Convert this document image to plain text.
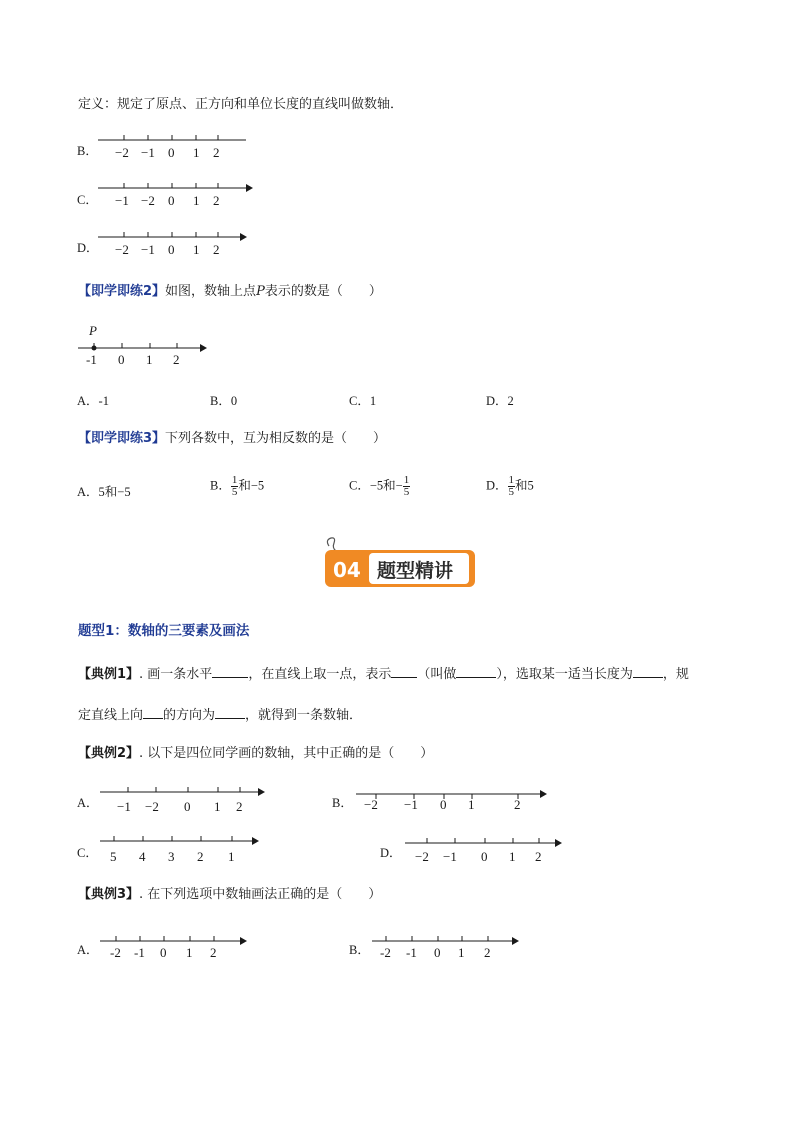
定义：规定了原点、正方向和单位长度的直线叫做数轴．
B． −2 −1 0 1 2
C． −1 −2 0 1 2
D． −2 −1 0 1 2
【即学即练2】如图，数轴上点P表示的数是（　　）
P
-1 0 1 2
A．-1	B．0	C．1	D．2
【即学即练3】下列各数中，互为相反数的是（　　）
A．5和−5	B． $\frac{1}{5}$ 和−5	C．−5和− $\frac{1}{5}$	D． $\frac{1}{5}$ 和5
04 题型精讲
题型1：数轴的三要素及画法
【典例1】. 画一条水平	，在直线上取一点，表示 （叫做	），选取某一适当长度为 ，规
定直线上向 的方向为 ，就得到一条数轴．
【典例2】. 以下是四位同学画的数轴，其中正确的是（　　）
A． −1 −2 0 1 2	B． −2 −1 0 1	2
C． 5 4 3 2 1	D． −2 −1 0 1 2
【典例3】. 在下列选项中数轴画法正确的是（　　）
A． -2 -1 0 1 2	B． -2 -1 0 1 2
